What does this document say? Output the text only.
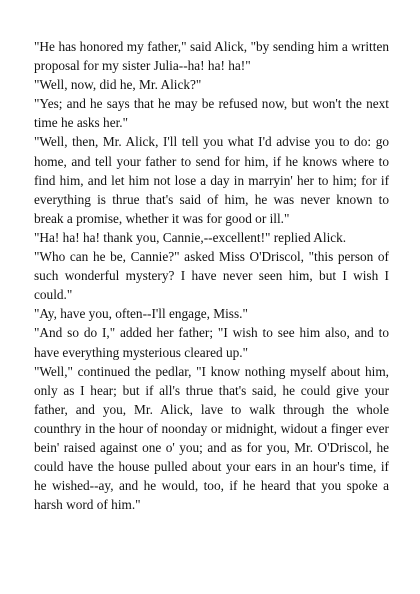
"He has honored my father," said Alick, "by sending him a written proposal for my sister Julia--ha! ha! ha!"

"Well, now, did he, Mr. Alick?"

"Yes; and he says that he may be refused now, but won't the next time he asks her."

"Well, then, Mr. Alick, I'll tell you what I'd advise you to do: go home, and tell your father to send for him, if he knows where to find him, and let him not lose a day in marryin' her to him; for if everything is thrue that's said of him, he was never known to break a promise, whether it was for good or ill."

"Ha! ha! ha! thank you, Cannie,--excellent!" replied Alick.

"Who can he be, Cannie?" asked Miss O'Driscol, "this person of such wonderful mystery? I have never seen him, but I wish I could."

"Ay, have you, often--I'll engage, Miss."

"And so do I," added her father; "I wish to see him also, and to have everything mysterious cleared up."

"Well," continued the pedlar, "I know nothing myself about him, only as I hear; but if all's thrue that's said, he could give your father, and you, Mr. Alick, lave to walk through the whole counthry in the hour of noonday or midnight, widout a finger ever bein' raised against one o' you; and as for you, Mr. O'Driscol, he could have the house pulled about your ears in an hour's time, if he wished--ay, and he would, too, if he heard that you spoke a harsh word of him."
